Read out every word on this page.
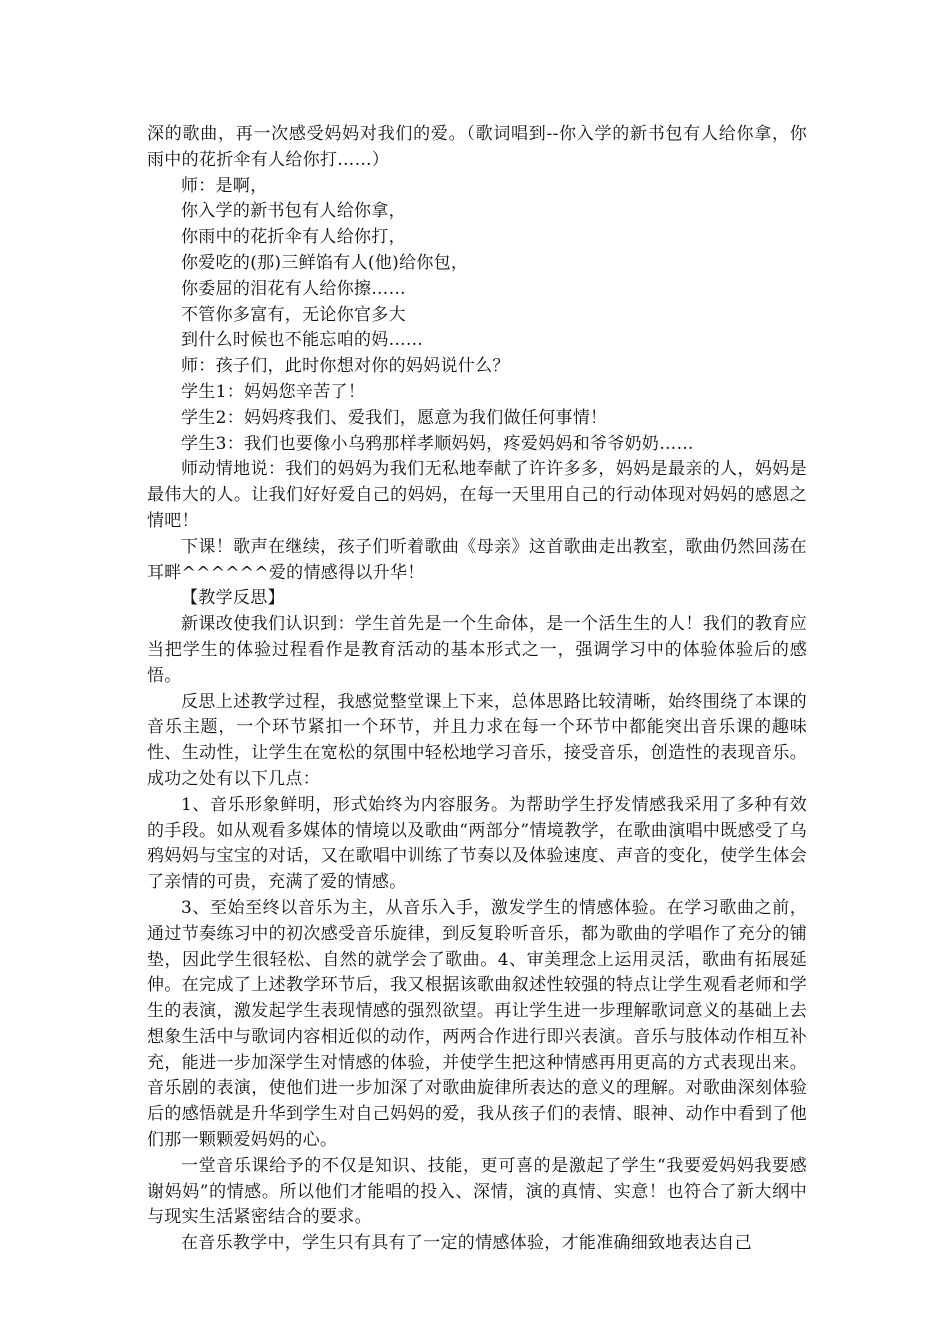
深的歌曲，再一次感受妈妈对我们的爱。（歌词唱到--你入学的新书包有人给你拿，你雨中的花折伞有人给你打……）

师：是啊，

你入学的新书包有人给你拿，

你雨中的花折伞有人给你打，

你爱吃的(那)三鲜馅有人(他)给你包，

你委屈的泪花有人给你擦……

不管你多富有，无论你官多大

到什么时候也不能忘咱的妈……

师：孩子们，此时你想对你的妈妈说什么？

学生1：妈妈您辛苦了！

学生2：妈妈疼我们、爱我们，愿意为我们做任何事情！

学生3：我们也要像小乌鸦那样孝顺妈妈，疼爱妈妈和爷爷奶奶……

师动情地说：我们的妈妈为我们无私地奉献了许许多多，妈妈是最亲的人，妈妈是最伟大的人。让我们好好爱自己的妈妈，在每一天里用自己的行动体现对妈妈的感恩之情吧！

下课！歌声在继续，孩子们听着歌曲《母亲》这首歌曲走出教室，歌曲仍然回荡在耳畔^^^^^^爱的情感得以升华！

【教学反思】

新课改使我们认识到：学生首先是一个生命体，是一个活生生的人！我们的教育应当把学生的体验过程看作是教育活动的基本形式之一，强调学习中的体验体验后的感悟。

反思上述教学过程，我感觉整堂课上下来，总体思路比较清晰，始终围绕了本课的音乐主题，一个环节紧扣一个环节，并且力求在每一个环节中都能突出音乐课的趣味性、生动性，让学生在宽松的氛围中轻松地学习音乐，接受音乐，创造性的表现音乐。成功之处有以下几点：

1、音乐形象鲜明，形式始终为内容服务。为帮助学生抒发情感我采用了多种有效的手段。如从观看多媒体的情境以及歌曲“两部分”情境教学，在歌曲演唱中既感受了乌鸦妈妈与宝宝的对话，又在歌唱中训练了节奏以及体验速度、声音的变化，使学生体会了亲情的可贵，充满了爱的情感。

3、至始至终以音乐为主，从音乐入手，激发学生的情感体验。在学习歌曲之前，通过节奏练习中的初次感受音乐旋律，到反复聆听音乐，都为歌曲的学唱作了充分的铺垫，因此学生很轻松、自然的就学会了歌曲。4、审美理念上运用灵活，歌曲有拓展延伸。在完成了上述教学环节后，我又根据该歌曲叙述性较强的特点让学生观看老师和学生的表演，激发起学生表现情感的强烈欲望。再让学生进一步理解歌词意义的基础上去想象生活中与歌词内容相近似的动作，两两合作进行即兴表演。音乐与肢体动作相互补充，能进一步加深学生对情感的体验，并使学生把这种情感再用更高的方式表现出来。音乐剧的表演，使他们进一步加深了对歌曲旋律所表达的意义的理解。对歌曲深刻体验后的感悟就是升华到学生对自己妈妈的爱，我从孩子们的表情、眼神、动作中看到了他们那一颗颗爱妈妈的心。

一堂音乐课给予的不仅是知识、技能，更可喜的是激起了学生“我要爱妈妈我要感谢妈妈”的情感。所以他们才能唱的投入、深情，演的真情、实意！也符合了新大纲中与现实生活紧密结合的要求。

在音乐教学中，学生只有具有了一定的情感体验，才能准确细致地表达自己
